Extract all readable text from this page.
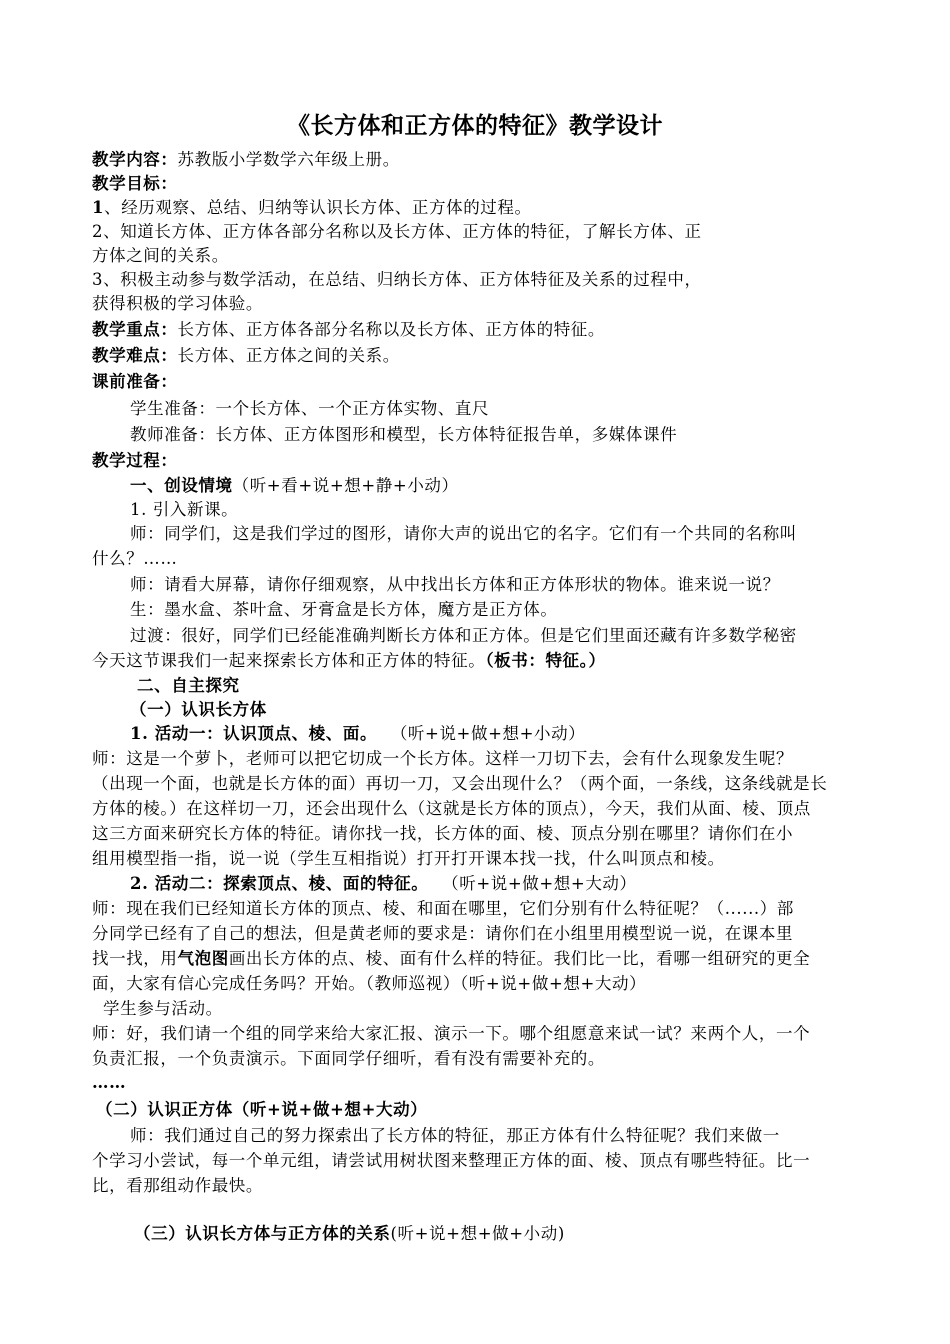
《长方体和正方体的特征》教学设计
教学内容：苏教版小学数学六年级上册。
教学目标：
1、经历观察、总结、归纳等认识长方体、正方体的过程。
2、知道长方体、正方体各部分名称以及长方体、正方体的特征，了解长方体、正
方体之间的关系。
3、积极主动参与数学活动，在总结、归纳长方体、正方体特征及关系的过程中，
获得积极的学习体验。
教学重点：长方体、正方体各部分名称以及长方体、正方体的特征。
教学难点：长方体、正方体之间的关系。
课前准备：
学生准备：一个长方体、一个正方体实物、直尺
教师准备：长方体、正方体图形和模型，长方体特征报告单，多媒体课件
教学过程：
一、创设情境（听+看+说+想+静+小动）
1. 引入新课。
师：同学们，这是我们学过的图形，请你大声的说出它的名字。它们有一个共同的名称叫
什么？……
师：请看大屏幕，请你仔细观察，从中找出长方体和正方体形状的物体。谁来说一说？
生：墨水盒、茶叶盒、牙膏盒是长方体，魔方是正方体。
过渡：很好，同学们已经能准确判断长方体和正方体。但是它们里面还藏有许多数学秘密
今天这节课我们一起来探索长方体和正方体的特征。（板书：特征。）
二、自主探究
（一）认识长方体
1. 活动一：认识顶点、棱、面。 （听+说+做+想+小动）
师：这是一个萝卜，老师可以把它切成一个长方体。这样一刀切下去，会有什么现象发生呢？
（出现一个面，也就是长方体的面）再切一刀，又会出现什么？（两个面，一条线，这条线就是长
方体的棱。）在这样切一刀，还会出现什么（这就是长方体的顶点），今天，我们从面、棱、顶点
这三方面来研究长方体的特征。请你找一找，长方体的面、棱、顶点分别在哪里？请你们在小
组用模型指一指，说一说（学生互相指说）打开打开课本找一找，什么叫顶点和棱。
2. 活动二：探索顶点、棱、面的特征。 （听+说+做+想+大动）
师：现在我们已经知道长方体的顶点、棱、和面在哪里，它们分别有什么特征呢？（......）部
分同学已经有了自己的想法，但是黄老师的要求是：请你们在小组里用模型说一说，在课本里
找一找，用气泡图画出长方体的点、棱、面有什么样的特征。我们比一比，看哪一组研究的更全
面，大家有信心完成任务吗？开始。（教师巡视）（听+说+做+想+大动）
学生参与活动。
师：好，我们请一个组的同学来给大家汇报、演示一下。哪个组愿意来试一试？来两个人，一个
负责汇报，一个负责演示。下面同学仔细听，看有没有需要补充的。
……
（二）认识正方体（听+说+做+想+大动）
师：我们通过自己的努力探索出了长方体的特征，那正方体有什么特征呢？我们来做一
个学习小尝试，每一个单元组，请尝试用树状图来整理正方体的面、棱、顶点有哪些特征。比一
比，看那组动作最快。
（三）认识长方体与正方体的关系(听+说+想+做+小动)
